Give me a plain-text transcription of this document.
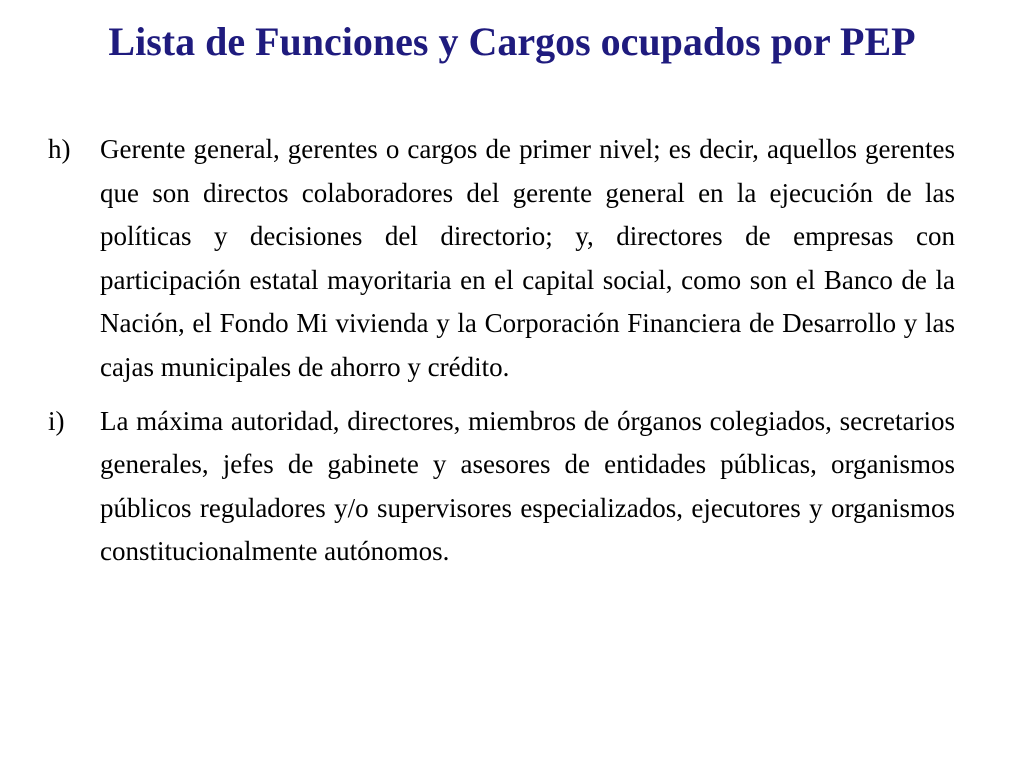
Lista de Funciones y Cargos ocupados por PEP
h)	Gerente general, gerentes o cargos de primer nivel; es decir, aquellos gerentes que son directos colaboradores del gerente general en la ejecución de las políticas y decisiones del directorio; y, directores de empresas con participación estatal mayoritaria en el capital social, como son el Banco de la Nación, el Fondo Mi vivienda y la Corporación Financiera de Desarrollo y las cajas municipales de ahorro y crédito.
i)	La máxima autoridad, directores, miembros de órganos colegiados, secretarios generales, jefes de gabinete y asesores de entidades públicas, organismos públicos reguladores y/o supervisores especializados, ejecutores y organismos constitucionalmente autónomos.
